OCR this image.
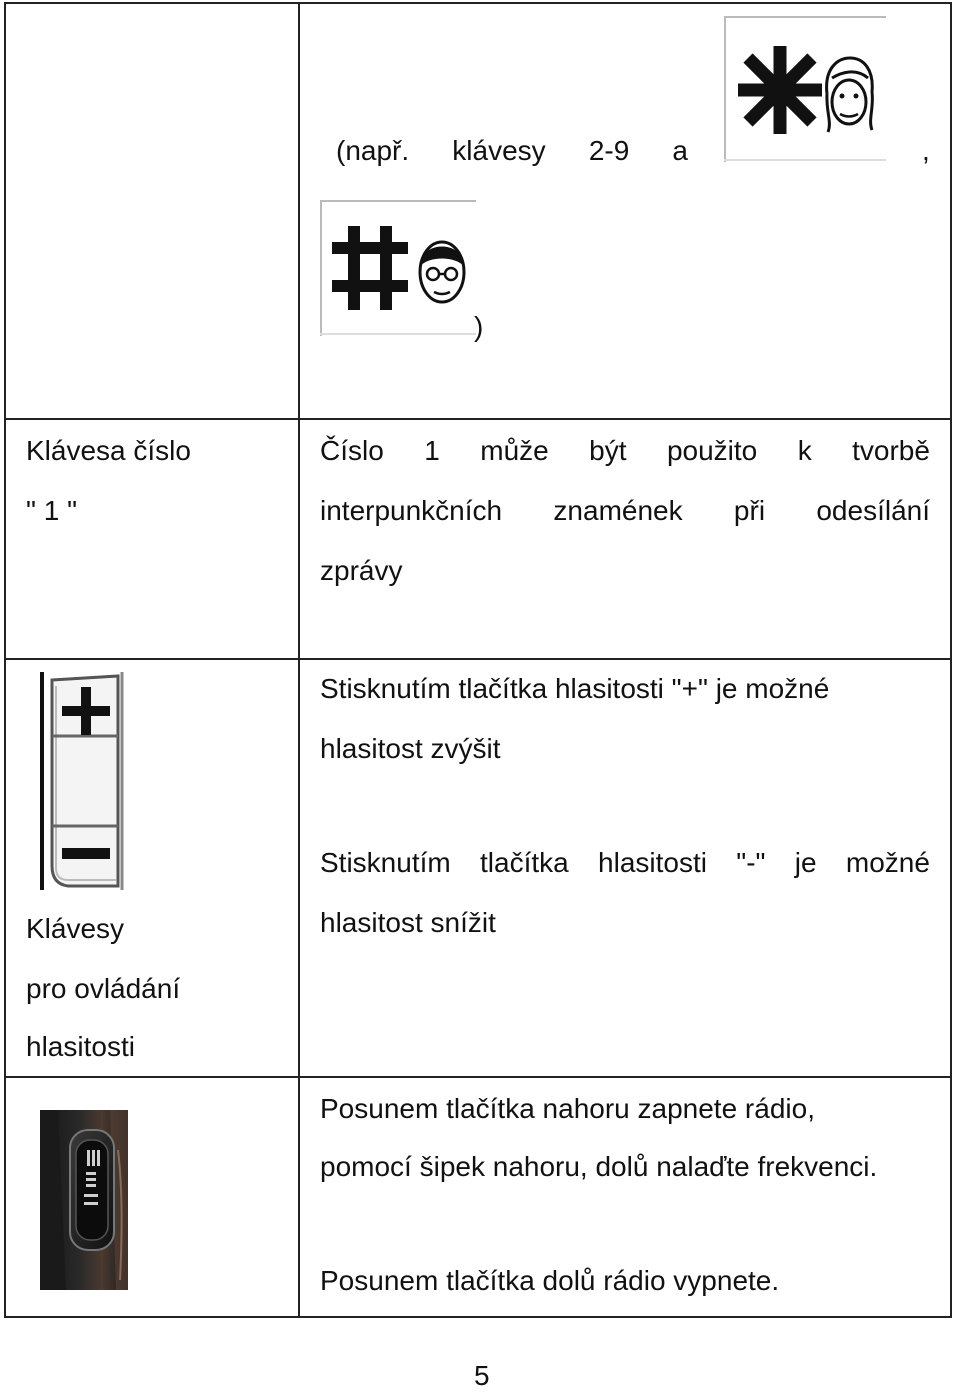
(např. klávesy 2-9 a	,
)
Klávesa číslo
" 1 "
Číslo 1 může být použito k tvorbě
interpunkčních znamének při odesílání
zprávy
Stisknutím tlačítka hlasitosti "+" je možné
hlasitost zvýšit
Stisknutím tlačítka hlasitosti "-" je možné
hlasitost snížit
Klávesy
pro ovládání
hlasitosti
Posunem tlačítka nahoru zapnete rádio,
pomocí šipek nahoru, dolů nalaďte frekvenci.
Posunem tlačítka dolů rádio vypnete.
5
